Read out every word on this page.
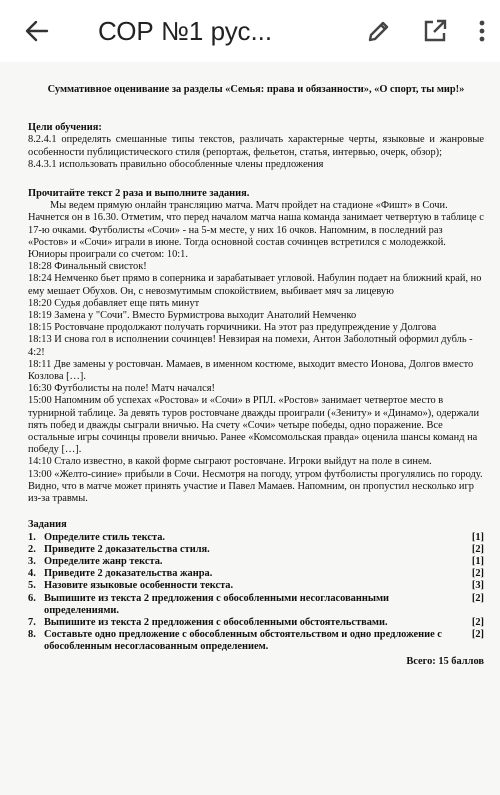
СОР №1 рус...

Суммативное оценивание за разделы «Семья: права и обязанности», «О спорт, ты мир!»

Цели обучения:

8.2.4.1 определять смешанные типы текстов, различать характерные черты, языковые и жанровые особенности публицистического стиля (репортаж, фельетон, статья, интервью, очерк, обзор);

8.4.3.1 использовать правильно обособленные члены предложения

Прочитайте текст 2 раза и выполните задания.

Мы ведем прямую онлайн трансляцию матча. Матч пройдет на стадионе «Фишт» в Сочи. Начнется он в 16.30. Отметим, что перед началом матча наша команда занимает четвертую в таблице с 17-ю очками. Футболисты «Сочи» - на 5-м месте, у них 16 очков. Напомним, в последний раз «Ростов» и «Сочи» играли в июне. Тогда основной состав сочинцев встретился с молодежкой. Юниоры проиграли со счетом: 10:1.

18:28 Финальный свисток!

18:24 Немченко бьет прямо в соперника и зарабатывает угловой. Набулин подает на ближний край, но ему мешает Обухов. Он, с невозмутимым спокойствием, выбивает мяч за лицевую

18:20 Судья добавляет еще пять минут

18:19 Замена у "Сочи". Вместо Бурмистрова выходит Анатолий Немченко

18:15 Ростовчане продолжают получать горчичники. На этот раз предупреждение у Долгова

18:13 И снова гол в исполнении сочинцев! Невзирая на помехи, Антон Заболотный оформил дубль - 4:2!

18:11 Две замены у ростовчан. Мамаев, в именном костюме, выходит вместо Ионова, Долгов вместо Козлова […].

16:30 Футболисты на поле! Матч начался!

15:00 Напомним об успехах «Ростова» и «Сочи» в РПЛ. «Ростов» занимает четвертое место в турнирной таблице. За девять туров ростовчане дважды проиграли («Зениту» и «Динамо»), одержали пять побед и дважды сыграли вничью. На счету «Сочи» четыре победы, одно поражение. Все остальные игры сочинцы провели вничью. Ранее «Комсомольская правда» оценила шансы команд на победу […].

14:10 Стало известно, в какой форме сыграют ростовчане. Игроки выйдут на поле в синем.

13:00 «Желто-синие» прибыли в Сочи. Несмотря на погоду, утром футболисты прогулялись по городу. Видно, что в матче может принять участие и Павел Мамаев. Напомним, он пропустил несколько игр из-за травмы.

Задания
1. Определите стиль текста.	[1]
2. Приведите 2 доказательства стиля.	[2]
3. Определите жанр текста.	[1]
4. Приведите 2 доказательства жанра.	[2]
5. Назовите языковые особенности текста.	[3]
6. Выпишите из текста 2 предложения с обособленными несогласованными определениями.
[2]
7. Выпишите из текста 2 предложения с обособленными обстоятельствами.	[2]
8. Составьте одно предложение с обособленным обстоятельством и одно предложение с обособленным несогласованным определением.
[2]
Всего: 15 баллов
